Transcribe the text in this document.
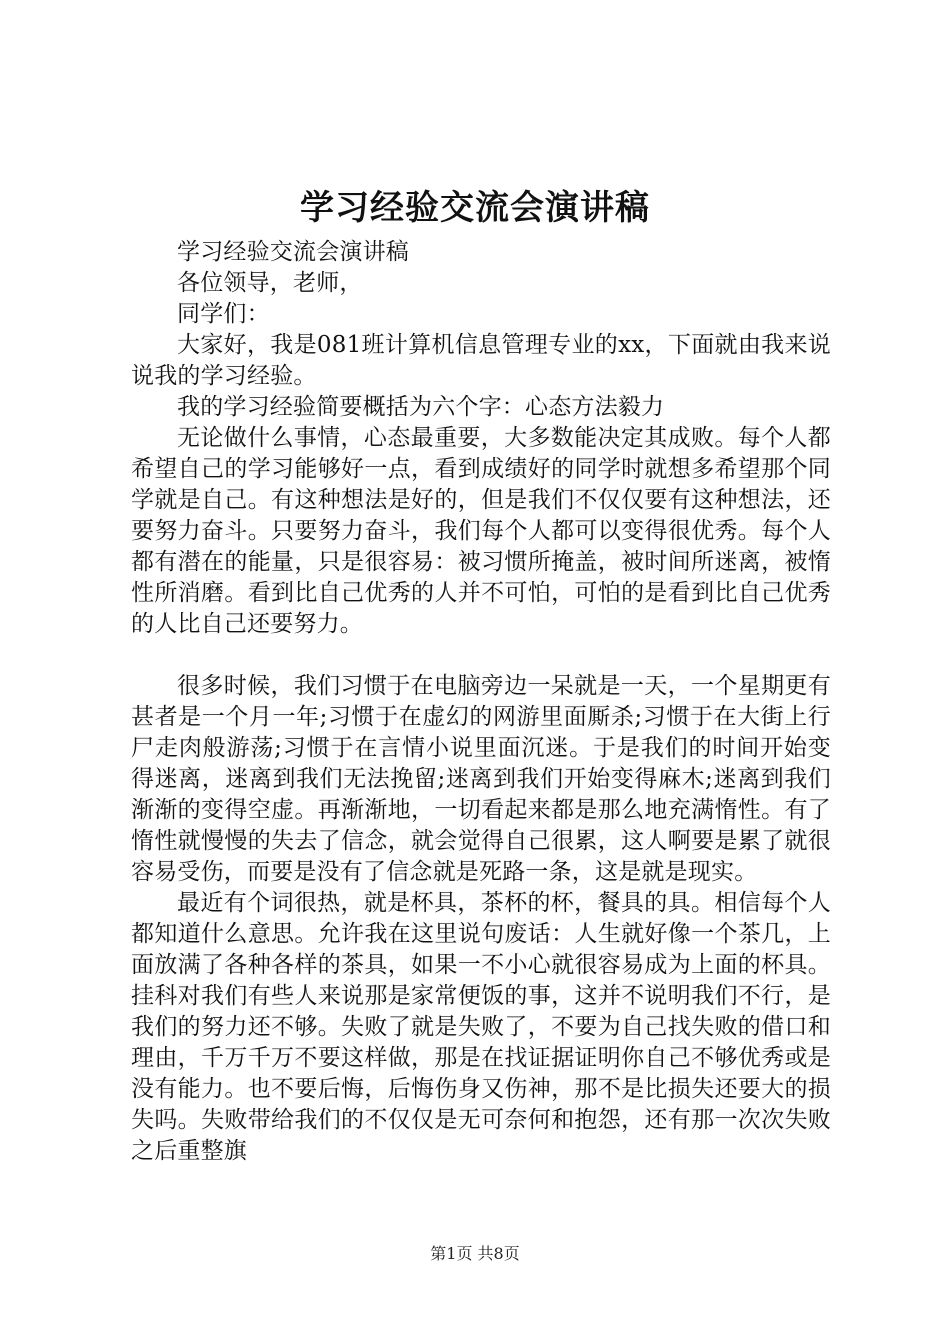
学习经验交流会演讲稿

学习经验交流会演讲稿

各位领导，老师，

同学们：

大家好，我是081班计算机信息管理专业的xx，下面就由我来说说我的学习经验。

我的学习经验简要概括为六个字：心态方法毅力

无论做什么事情，心态最重要，大多数能决定其成败。每个人都希望自己的学习能够好一点，看到成绩好的同学时就想多希望那个同学就是自己。有这种想法是好的，但是我们不仅仅要有这种想法，还要努力奋斗。只要努力奋斗，我们每个人都可以变得很优秀。每个人都有潜在的能量，只是很容易：被习惯所掩盖，被时间所迷离，被惰性所消磨。看到比自己优秀的人并不可怕，可怕的是看到比自己优秀的人比自己还要努力。

很多时候，我们习惯于在电脑旁边一呆就是一天，一个星期更有甚者是一个月一年;习惯于在虚幻的网游里面厮杀;习惯于在大街上行尸走肉般游荡;习惯于在言情小说里面沉迷。于是我们的时间开始变得迷离，迷离到我们无法挽留;迷离到我们开始变得麻木;迷离到我们渐渐的变得空虚。再渐渐地，一切看起来都是那么地充满惰性。有了惰性就慢慢的失去了信念，就会觉得自己很累，这人啊要是累了就很容易受伤，而要是没有了信念就是死路一条，这是就是现实。

最近有个词很热，就是杯具，茶杯的杯，餐具的具。相信每个人都知道什么意思。允许我在这里说句废话：人生就好像一个茶几，上面放满了各种各样的茶具，如果一不小心就很容易成为上面的杯具。挂科对我们有些人来说那是家常便饭的事，这并不说明我们不行，是我们的努力还不够。失败了就是失败了，不要为自己找失败的借口和理由，千万千万不要这样做，那是在找证据证明你自己不够优秀或是没有能力。也不要后悔，后悔伤身又伤神，那不是比损失还要大的损失吗。失败带给我们的不仅仅是无可奈何和抱怨，还有那一次次失败之后重整旗

第1页 共8页
